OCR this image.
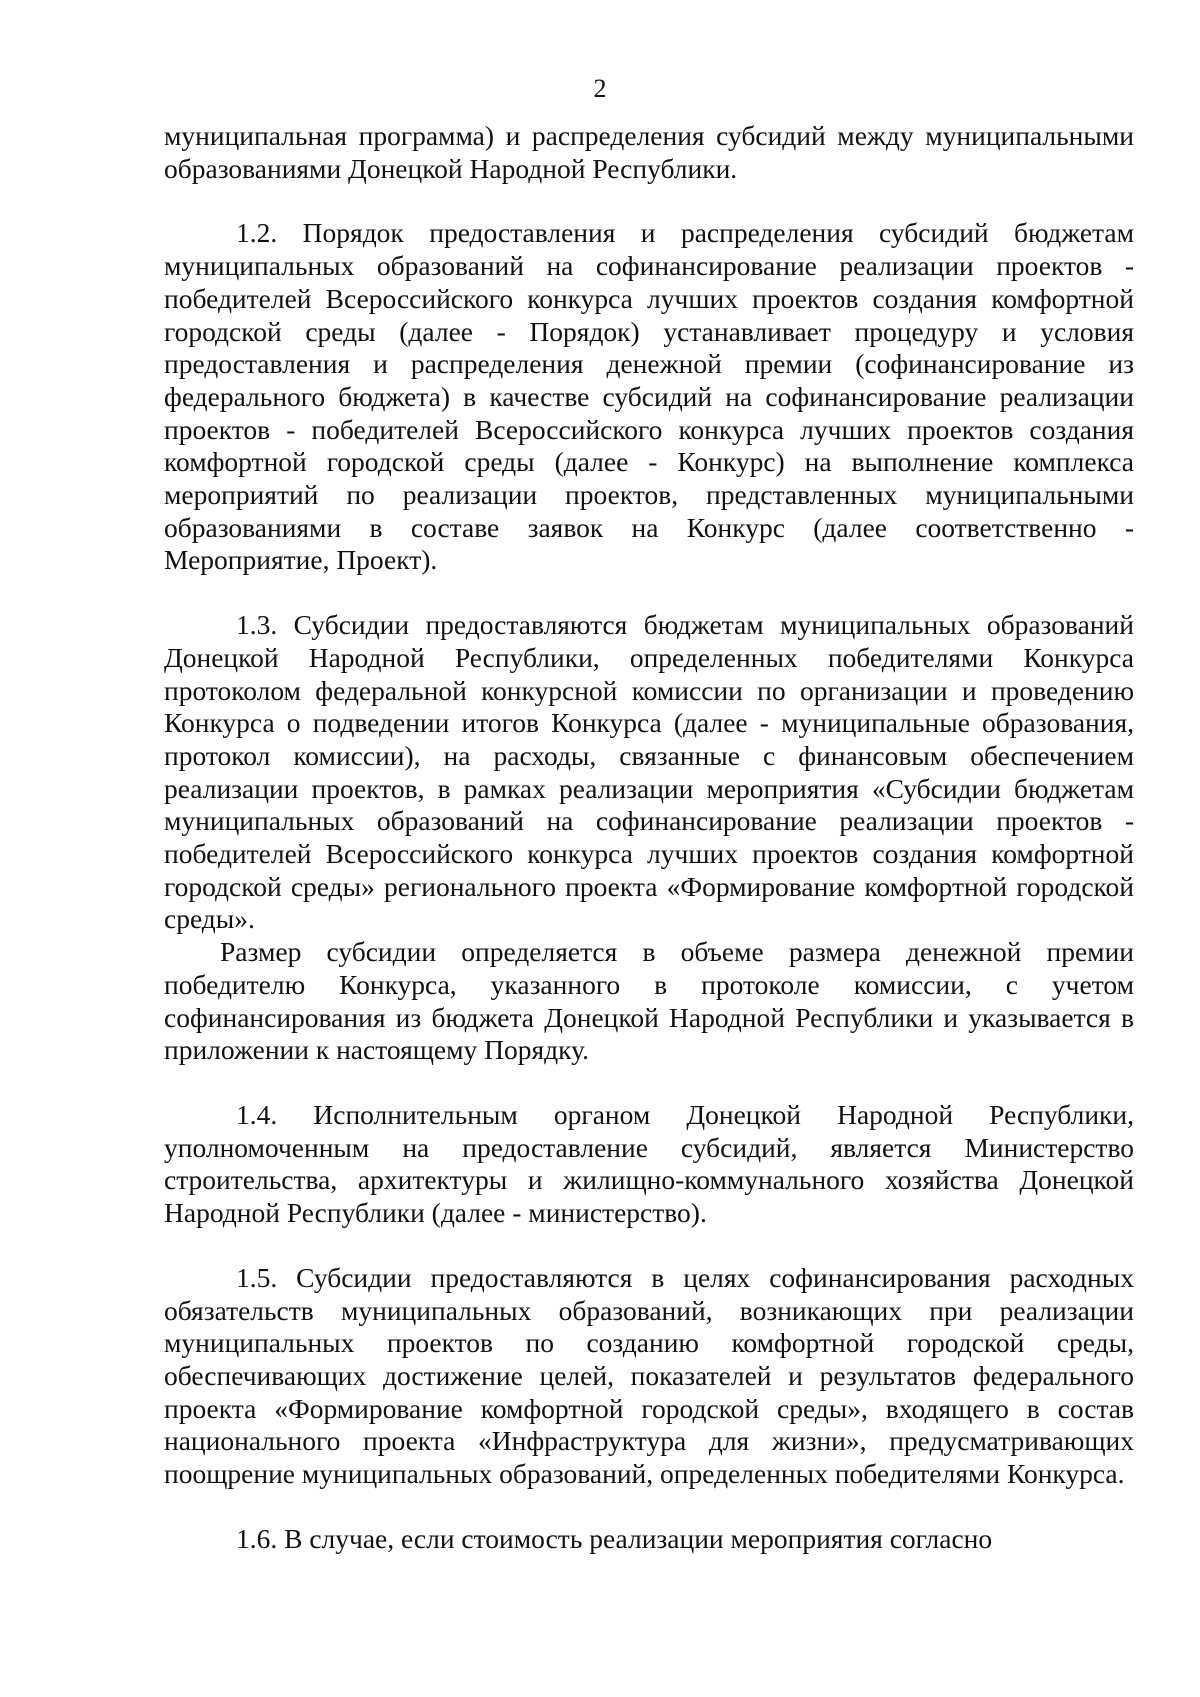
2

муниципальная программа) и распределения субсидий между муниципальными образованиями Донецкой Народной Республики.

1.2. Порядок предоставления и распределения субсидий бюджетам муниципальных образований на софинансирование реализации проектов - победителей Всероссийского конкурса лучших проектов создания комфортной городской среды (далее - Порядок) устанавливает процедуру и условия предоставления и распределения денежной премии (софинансирование из федерального бюджета) в качестве субсидий на софинансирование реализации проектов - победителей Всероссийского конкурса лучших проектов создания комфортной городской среды (далее - Конкурс) на выполнение комплекса мероприятий по реализации проектов, представленных муниципальными образованиями в составе заявок на Конкурс (далее соответственно - Мероприятие, Проект).

1.3. Субсидии предоставляются бюджетам муниципальных образований Донецкой Народной Республики, определенных победителями Конкурса протоколом федеральной конкурсной комиссии по организации и проведению Конкурса о подведении итогов Конкурса (далее - муниципальные образования, протокол комиссии), на расходы, связанные с финансовым обеспечением реализации проектов, в рамках реализации мероприятия «Субсидии бюджетам муниципальных образований на софинансирование реализации проектов - победителей Всероссийского конкурса лучших проектов создания комфортной городской среды» регионального проекта «Формирование комфортной городской среды».

Размер субсидии определяется в объеме размера денежной премии победителю Конкурса, указанного в протоколе комиссии, с учетом софинансирования из бюджета Донецкой Народной Республики и указывается в приложении к настоящему Порядку.

1.4. Исполнительным органом Донецкой Народной Республики, уполномоченным на предоставление субсидий, является Министерство строительства, архитектуры и жилищно-коммунального хозяйства Донецкой Народной Республики (далее - министерство).

1.5. Субсидии предоставляются в целях софинансирования расходных обязательств муниципальных образований, возникающих при реализации муниципальных проектов по созданию комфортной городской среды, обеспечивающих достижение целей, показателей и результатов федерального проекта «Формирование комфортной городской среды», входящего в состав национального проекта «Инфраструктура для жизни», предусматривающих поощрение муниципальных образований, определенных победителями Конкурса.

1.6. В случае, если стоимость реализации мероприятия согласно
